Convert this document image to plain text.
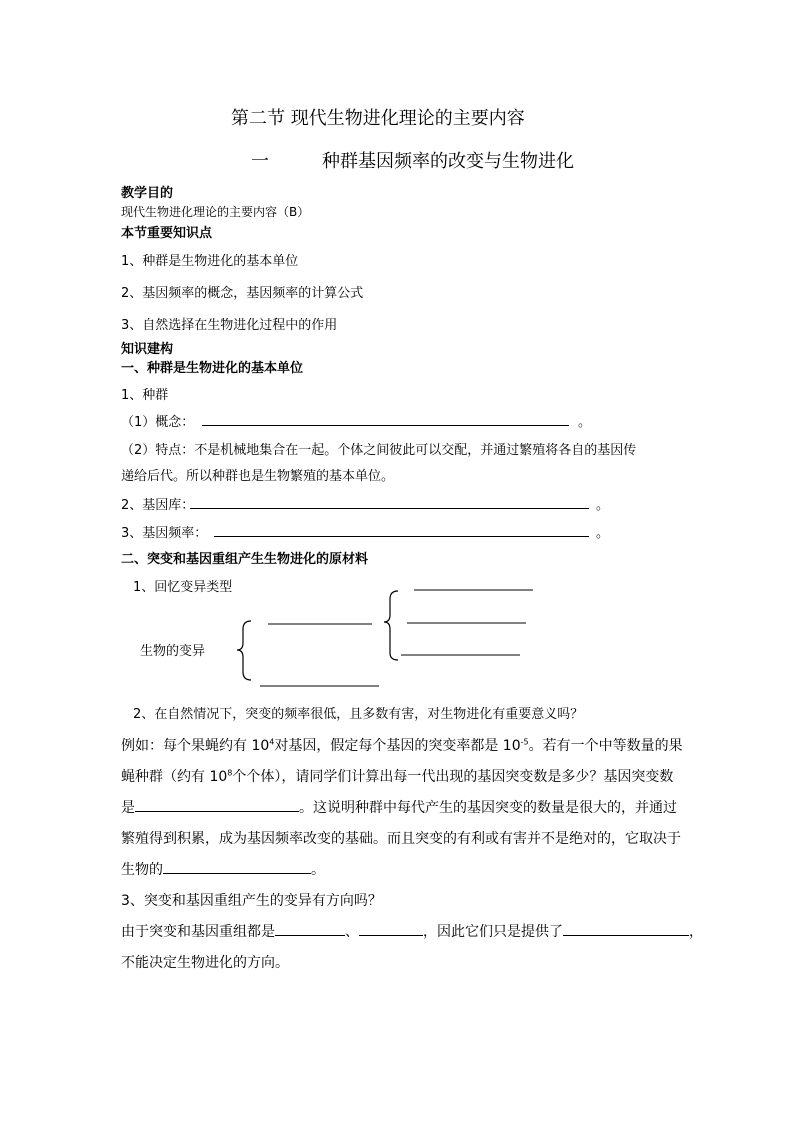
第二节 现代生物进化理论的主要内容
一	种群基因频率的改变与生物进化
教学目的
现代生物进化理论的主要内容（B）
本节重要知识点
1、种群是生物进化的基本单位
2、基因频率的概念，基因频率的计算公式
3、自然选择在生物进化过程中的作用
知识建构
一、种群是生物进化的基本单位
1、种群
（1）概念：	。
（2）特点：不是机械地集合在一起。个体之间彼此可以交配，并通过繁殖将各自的基因传
递给后代。所以种群也是生物繁殖的基本单位。
2、基因库：	。
3、基因频率：	。
二、突变和基因重组产生生物进化的原材料
1、回忆变异类型
生物的变异
2、在自然情况下，突变的频率很低，且多数有害，对生物进化有重要意义吗？
例如：每个果蝇约有 $10^4$对基因，假定每个基因的突变率都是 $10^{-5}$。若有一个中等数量的果
蝇种群（约有 $10^8$个个体），请同学们计算出每一代出现的基因突变数是多少？基因突变数
是	。这说明种群中每代产生的基因突变的数量是很大的，并通过
繁殖得到积累，成为基因频率改变的基础。而且突变的有利或有害并不是绝对的，它取决于
生物的	。
3、突变和基因重组产生的变异有方向吗？
由于突变和基因重组都是	、	，因此它们只是提供了	，
不能决定生物进化的方向。
